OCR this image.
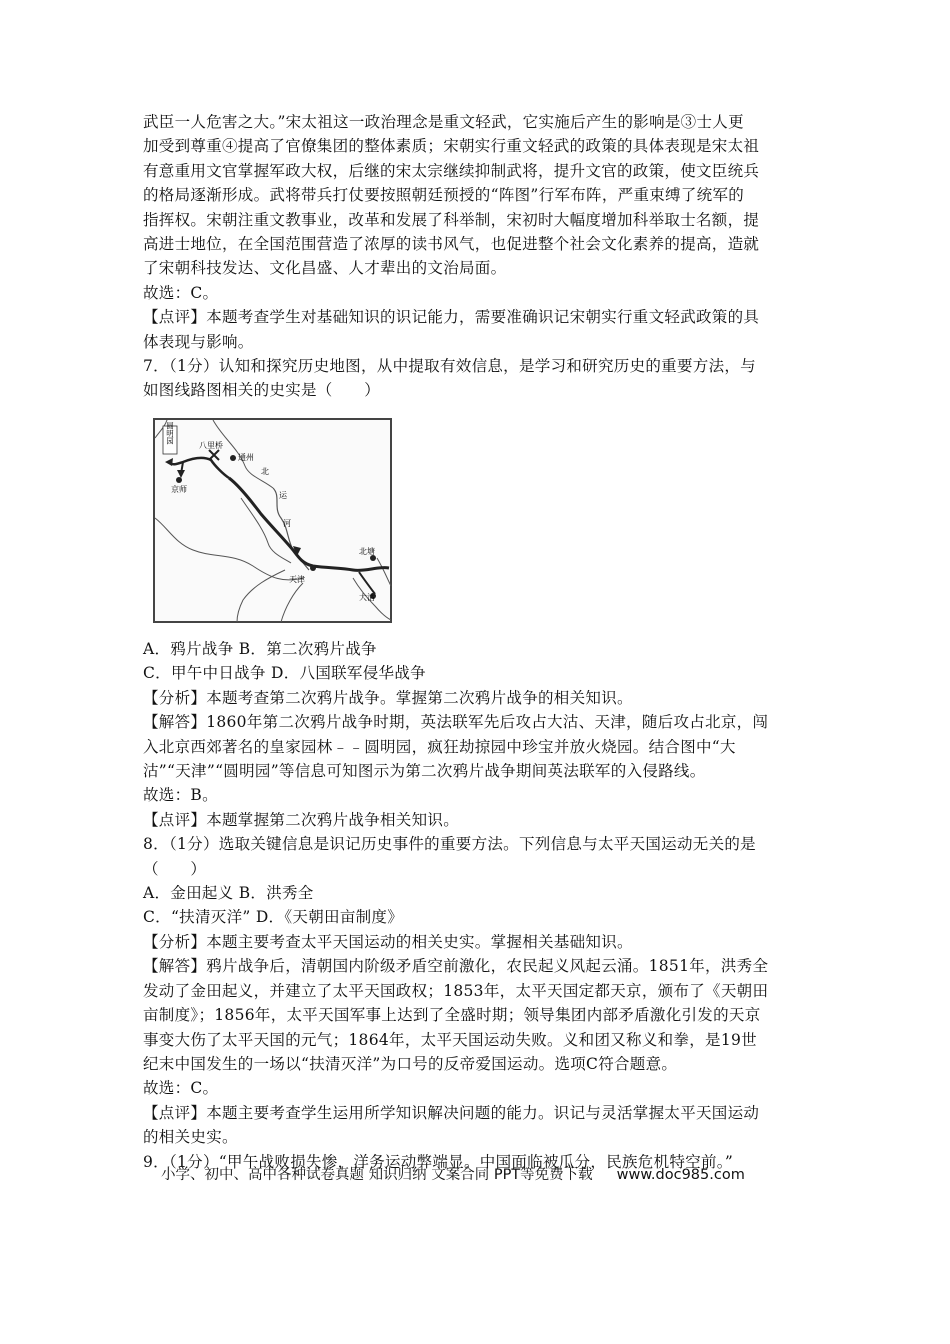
武臣一人危害之大。”宋太祖这一政治理念是重文轻武，它实施后产生的影响是③士人更
加受到尊重④提高了官僚集团的整体素质；宋朝实行重文轻武的政策的具体表现是宋太祖
有意重用文官掌握军政大权，后继的宋太宗继续抑制武将，提升文官的政策，使文臣统兵
的格局逐渐形成。武将带兵打仗要按照朝廷预授的“阵图”行军布阵，严重束缚了统军的
指挥权。宋朝注重文教事业，改革和发展了科举制，宋初时大幅度增加科举取士名额，提
高进士地位，在全国范围营造了浓厚的读书风气，也促进整个社会文化素养的提高，造就
了宋朝科技发达、文化昌盛、人才辈出的文治局面。
故选：C。
【点评】本题考查学生对基础知识的识记能力，需要准确识记宋朝实行重文轻武政策的具
体表现与影响。
7．（1分）认知和探究历史地图，从中提取有效信息，是学习和研究历史的重要方法，与
如图线路图相关的史实是（　　）
圆明园
八里桥
通州
京师
北塘
天津
大沽
北
运
河
A．鸦片战争 B．第二次鸦片战争
C．甲午中日战争 D．八国联军侵华战争
【分析】本题考查第二次鸦片战争。掌握第二次鸦片战争的相关知识。
【解答】1860年第二次鸦片战争时期，英法联军先后攻占大沽、天津，随后攻占北京，闯
入北京西郊著名的皇家园林﹣﹣圆明园，疯狂劫掠园中珍宝并放火烧园。结合图中“大
沽”“天津”“圆明园”等信息可知图示为第二次鸦片战争期间英法联军的入侵路线。
故选：B。
【点评】本题掌握第二次鸦片战争相关知识。
8．（1分）选取关键信息是识记历史事件的重要方法。下列信息与太平天国运动无关的是
（　　）
A．金田起义 B．洪秀全
C．“扶清灭洋” D．《天朝田亩制度》
【分析】本题主要考查太平天国运动的相关史实。掌握相关基础知识。
【解答】鸦片战争后，清朝国内阶级矛盾空前激化，农民起义风起云涌。1851年，洪秀全
发动了金田起义，并建立了太平天国政权；1853年，太平天国定都天京，颁布了《天朝田
亩制度》；1856年，太平天国军事上达到了全盛时期；领导集团内部矛盾激化引发的天京
事变大伤了太平天国的元气；1864年，太平天国运动失败。义和团又称义和拳，是19世
纪末中国发生的一场以“扶清灭洋”为口号的反帝爱国运动。选项C符合题意。
故选：C。
【点评】本题主要考查学生运用所学知识解决问题的能力。识记与灵活掌握太平天国运动
的相关史实。
9．（1分）“甲午战败损失惨，洋务运动弊端显。中国面临被瓜分，民族危机特空前。”
小学、初中、高中各种试卷真题 知识归纳 文案合同 PPT等免费下载 www.doc985.com
